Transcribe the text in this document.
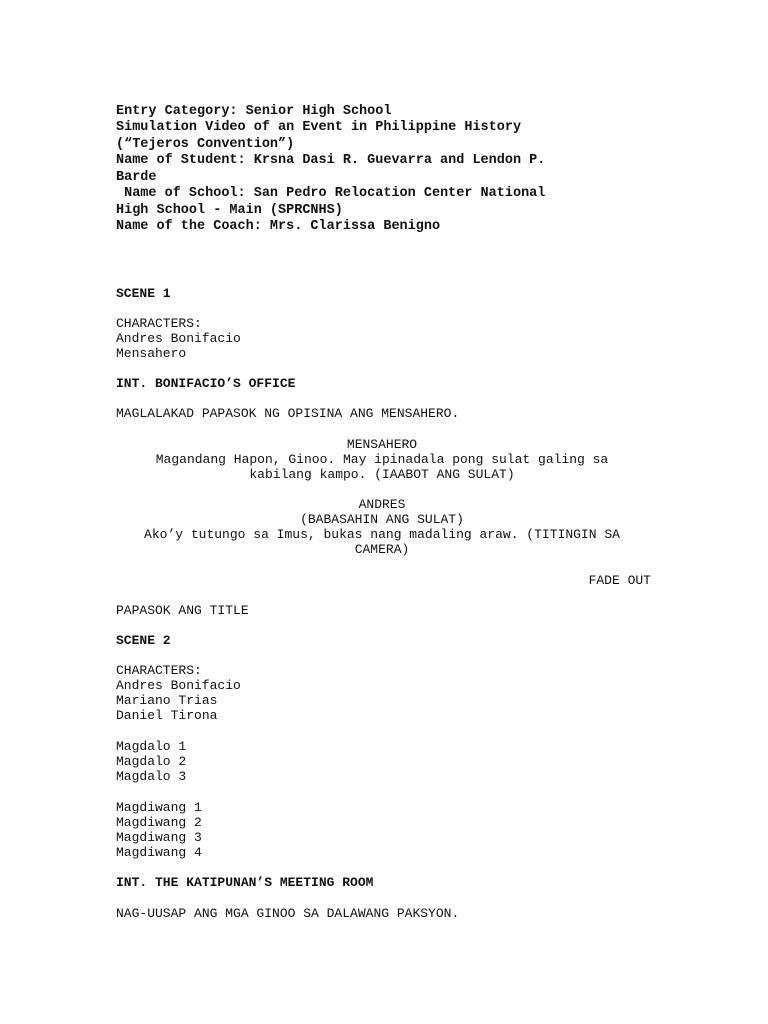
Entry Category: Senior High School
Simulation Video of an Event in Philippine History
(“Tejeros Convention”)
Name of Student: Krsna Dasi R. Guevarra and Lendon P.
Barde
Name of School: San Pedro Relocation Center National
High School - Main (SPRCNHS)
Name of the Coach: Mrs. Clarissa Benigno
SCENE 1
CHARACTERS:
Andres Bonifacio
Mensahero
INT. BONIFACIO’S OFFICE
MAGLALAKAD PAPASOK NG OPISINA ANG MENSAHERO.
MENSAHERO
Magandang Hapon, Ginoo. May ipinadala pong sulat galing sa
kabilang kampo. (IAABOT ANG SULAT)
ANDRES
(BABASAHIN ANG SULAT)
Ako’y tutungo sa Imus, bukas nang madaling araw. (TITINGIN SA
CAMERA)
FADE OUT
PAPASOK ANG TITLE
SCENE 2
CHARACTERS:
Andres Bonifacio
Mariano Trias
Daniel Tirona
Magdalo 1
Magdalo 2
Magdalo 3
Magdiwang 1
Magdiwang 2
Magdiwang 3
Magdiwang 4
INT. THE KATIPUNAN’S MEETING ROOM
NAG-UUSAP ANG MGA GINOO SA DALAWANG PAKSYON.
